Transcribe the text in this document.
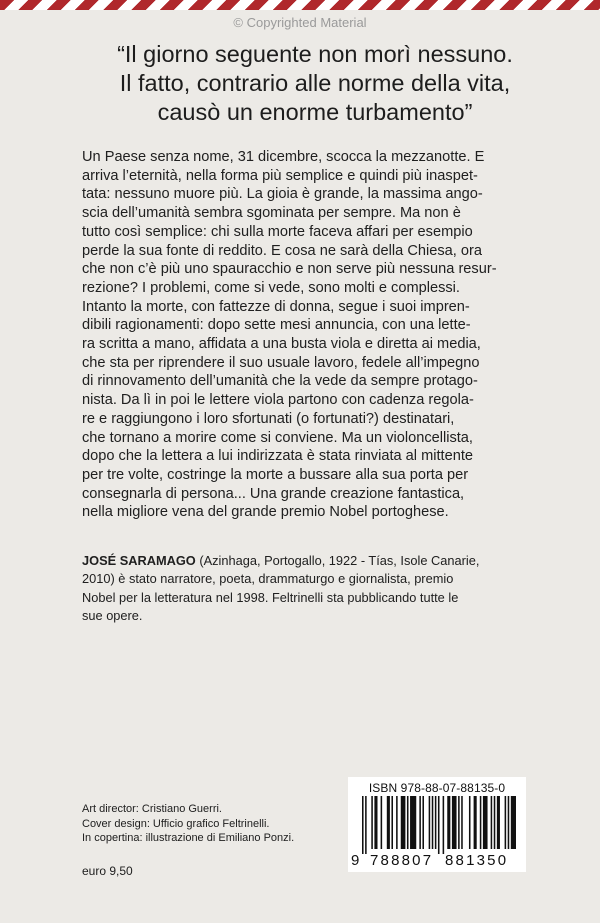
© Copyrighted Material
“Il giorno seguente non morì nessuno.
Il fatto, contrario alle norme della vita,
causò un enorme turbamento”
Un Paese senza nome, 31 dicembre, scocca la mezzanotte. E
arriva l’eternità, nella forma più semplice e quindi più inaspet-
tata: nessuno muore più. La gioia è grande, la massima ango-
scia dell’umanità sembra sgominata per sempre. Ma non è
tutto così semplice: chi sulla morte faceva affari per esempio
perde la sua fonte di reddito. E cosa ne sarà della Chiesa, ora
che non c’è più uno spauracchio e non serve più nessuna resur-
rezione? I problemi, come si vede, sono molti e complessi.
Intanto la morte, con fattezze di donna, segue i suoi impren-
dibili ragionamenti: dopo sette mesi annuncia, con una lette-
ra scritta a mano, affidata a una busta viola e diretta ai media,
che sta per riprendere il suo usuale lavoro, fedele all’impegno
di rinnovamento dell’umanità che la vede da sempre protago-
nista. Da lì in poi le lettere viola partono con cadenza regola-
re e raggiungono i loro sfortunati (o fortunati?) destinatari,
che tornano a morire come si conviene. Ma un violoncellista,
dopo che la lettera a lui indirizzata è stata rinviata al mittente
per tre volte, costringe la morte a bussare alla sua porta per
consegnarla di persona... Una grande creazione fantastica,
nella migliore vena del grande premio Nobel portoghese.
JOSÉ SARAMAGO (Azinhaga, Portogallo, 1922 - Tías, Isole Canarie,
2010) è stato narratore, poeta, drammaturgo e giornalista, premio
Nobel per la letteratura nel 1998. Feltrinelli sta pubblicando tutte le
sue opere.
Art director: Cristiano Guerri.
Cover design: Ufficio grafico Feltrinelli.
In copertina: illustrazione di Emiliano Ponzi.
euro 9,50
ISBN 978-88-07-88135-0
9 788807 881350
